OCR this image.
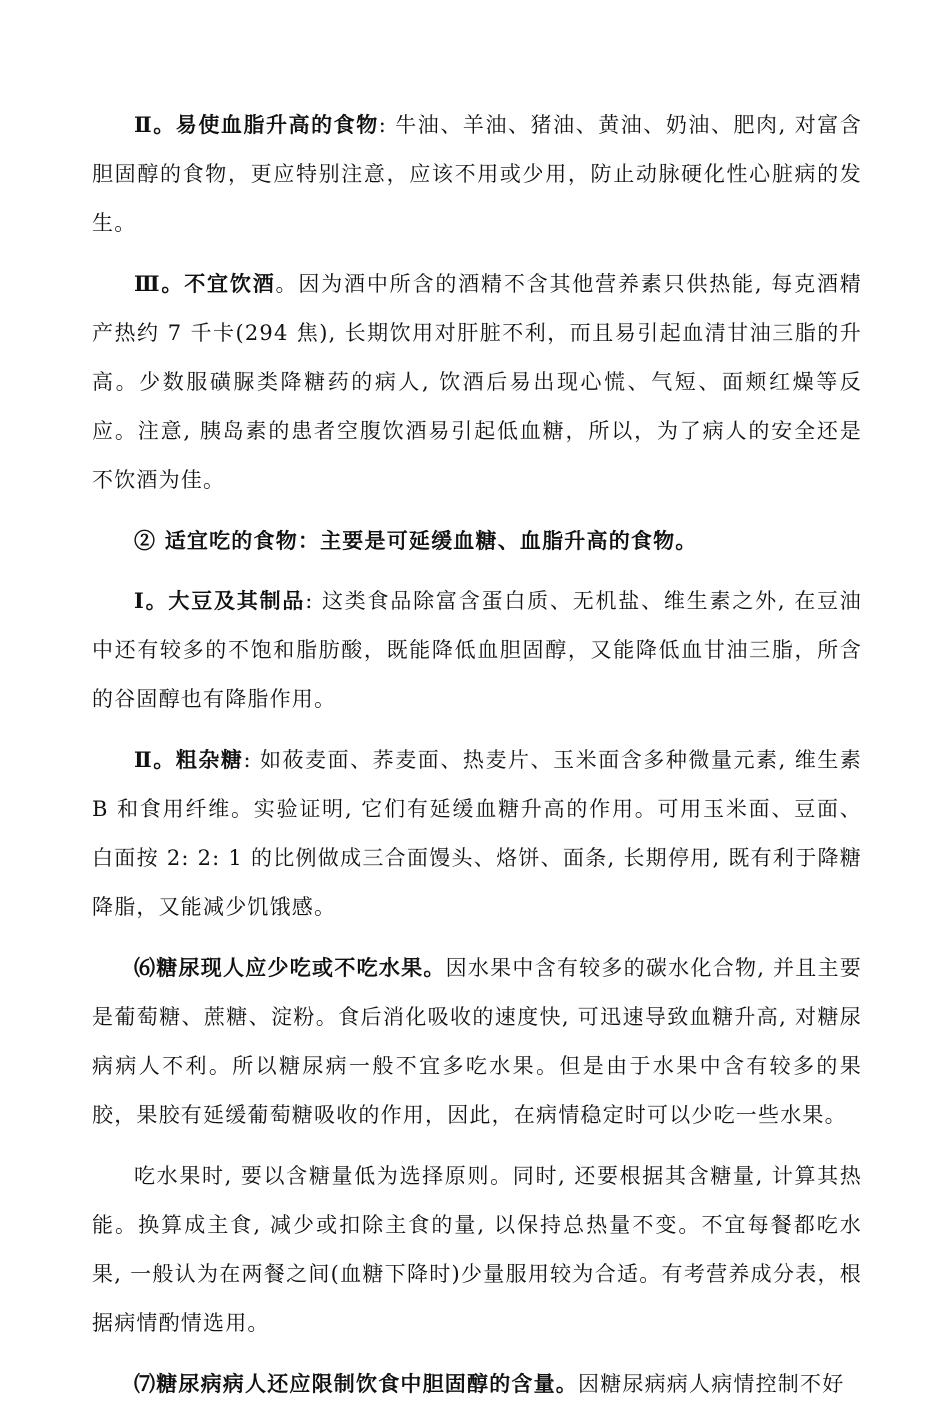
Ⅱ。易使血脂升高的食物: 牛油、羊油、猪油、黄油、奶油、肥肉, 对富含胆固醇的食物，更应特别注意，应该不用或少用，防止动脉硬化性心脏病的发生。

Ⅲ。不宜饮酒。因为酒中所含的酒精不含其他营养素只供热能, 每克酒精产热约 7 千卡(294 焦), 长期饮用对肝脏不利，而且易引起血清甘油三脂的升高。少数服磺脲类降糖药的病人, 饮酒后易出现心慌、气短、面颊红燥等反应。注意, 胰岛素的患者空腹饮酒易引起低血糖，所以，为了病人的安全还是不饮酒为佳。

② 适宜吃的食物：主要是可延缓血糖、血脂升高的食物。

Ⅰ。大豆及其制品: 这类食品除富含蛋白质、无机盐、维生素之外, 在豆油中还有较多的不饱和脂肪酸，既能降低血胆固醇，又能降低血甘油三脂，所含的谷固醇也有降脂作用。

Ⅱ。粗杂糖: 如莜麦面、荞麦面、热麦片、玉米面含多种微量元素, 维生素 B 和食用纤维。实验证明, 它们有延缓血糖升高的作用。可用玉米面、豆面、白面按 2: 2: 1 的比例做成三合面馒头、烙饼、面条, 长期停用, 既有利于降糖降脂，又能减少饥饿感。

⑹糖尿现人应少吃或不吃水果。因水果中含有较多的碳水化合物, 并且主要是葡萄糖、蔗糖、淀粉。食后消化吸收的速度快, 可迅速导致血糖升高, 对糖尿病病人不利。所以糖尿病一般不宜多吃水果。但是由于水果中含有较多的果胶，果胶有延缓葡萄糖吸收的作用，因此，在病情稳定时可以少吃一些水果。

吃水果时, 要以含糖量低为选择原则。同时, 还要根据其含糖量, 计算其热能。换算成主食, 减少或扣除主食的量, 以保持总热量不变。不宜每餐都吃水果, 一般认为在两餐之间(血糖下降时)少量服用较为合适。有考营养成分表，根据病情酌情选用。

⑺糖尿病病人还应限制饮食中胆固醇的含量。因糖尿病病人病情控制不好
